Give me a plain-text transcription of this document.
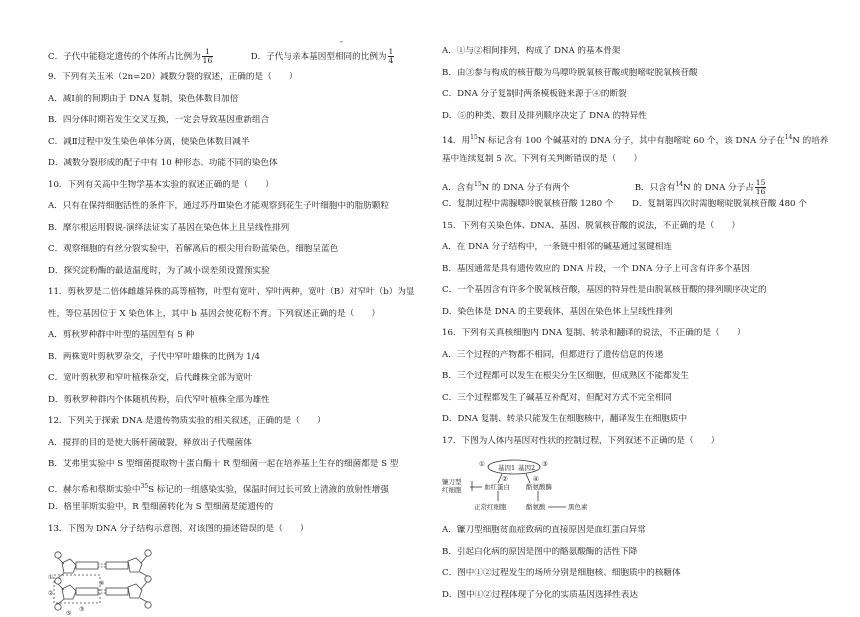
-
C．子代中能稳定遗传的个体所占比例为 $\frac{1}{16}$	D．子代与亲本基因型相同的比例为 $\frac{1}{4}$
9．下列有关玉米（2n=20）减数分裂的叙述，正确的是（　　）
A．减Ⅰ前的间期由于 DNA 复制，染色体数目加倍
B．四分体时期若发生交叉互换，一定会导致基因重新组合
C．减Ⅱ过程中发生染色单体分离，使染色体数目减半
D．减数分裂形成的配子中有 10 种形态、功能不同的染色体
10．下列有关高中生物学基本实验的叙述正确的是（　　）
A．只有在保持细胞活性的条件下，通过苏丹Ⅲ染色才能观察到花生子叶细胞中的脂肪颗粒
B．摩尔根运用假说-演绎法证实了基因在染色体上且呈线性排列
C．观察细胞的有丝分裂实验中，若解离后的根尖用台盼蓝染色，细胞呈蓝色
D．探究淀粉酶的最适温度时，为了减小误差须设置预实验
11．剪秋罗是二倍体雌雄异株的高等植物，叶型有宽叶、窄叶两种，宽叶（B）对窄叶（b）为显
性，等位基因位于 X 染色体上，其中 b 基因会使花粉不育。下列叙述正确的是（　　）
A．剪秋罗种群中叶型的基因型有 5 种
B．两株宽叶剪秋罗杂交，子代中窄叶雄株的比例为 1/4
C．宽叶剪秋罗和窄叶植株杂交，后代雌株全部为宽叶
D．剪秋罗种群内个体随机传粉，后代窄叶植株全部为雄性
12．下列关于探索 DNA 是遗传物质实验的相关叙述，正确的是（　　）
A．搅拌的目的是使大肠杆菌破裂，释放出子代噬菌体
B．艾弗里实验中 S 型细菌提取物十蛋白酶十 R 型细菌一起在培养基上生存的细菌都是 S 型
C．赫尔希和蔡斯实验中$^{35}$S 标记的一组感染实验，保温时间过长可致上清液的放射性增强
D．格里菲斯实验中，R 型细菌转化为 S 型细菌是能遗传的
13．下图为 DNA 分子结构示意图，对该图的描述错误的是（　　）
①
②
③
④
⑤
A．①与②相间排列，构成了 DNA 的基本骨架
B．由③参与构成的核苷酸为鸟嘌呤脱氧核苷酸或胞嘧啶脱氧核苷酸
C．DNA 分子复制时两条模板链来源于④的断裂
D．⑤的种类、数目及排列顺序决定了 DNA 的特异性
14．用$^{15}$N 标记含有 100 个碱基对的 DNA 分子，其中有胞嘧啶 60 个，该 DNA 分子在$^{14}$N 的培养
基中连续复制 5 次。下列有关判断错误的是（　　）
A．含有$^{15}$N 的 DNA 分子有两个	B．只含有$^{14}$N 的 DNA 分子占 $\frac{15}{16}$
C．复制过程中需腺嘌呤脱氧核苷酸 1280 个 D．复制第四次时需胞嘧啶脱氧核苷酸 480 个
15．下列有关染色体、DNA、基因、脱氧核苷酸的说法，不正确的是（　　）
A．在 DNA 分子结构中，一条链中相邻的碱基通过氢键相连
B．基因通常是具有遗传效应的 DNA 片段，一个 DNA 分子上可含有许多个基因
C．一个基因含有许多个脱氧核苷酸，基因的特异性是由脱氧核苷酸的排列顺序决定的
D．染色体是 DNA 的主要载体，基因在染色体上呈线性排列
16．下列有关真核细胞内 DNA 复制、转录和翻译的说法，不正确的是（　　）
A．三个过程的产物都不相同，但都进行了遗传信息的传递
B．三个过程都可以发生在根尖分生区细胞，但成熟区不能都发生
C．三个过程都发生了碱基互补配对，但配对方式不完全相同
D．DNA 复制、转录只能发生在细胞核中，翻译发生在细胞质中
17．下图为人体内基因对性状的控制过程，下列叙述不正确的是（　　）
基因1 基因2
①	③
②	④
镰刀型
红细胞	血红蛋白 酪氨酸酶
正常红细胞	酪氨酸	黑色素
A．镰刀型细胞贫血症致病的直接原因是血红蛋白异常
B．引起白化病的原因是图中的酪氨酸酶的活性下降
C．图中①②过程发生的场所分别是细胞核、细胞质中的核糖体
D．图中①②过程体现了分化的实质基因选择性表达
